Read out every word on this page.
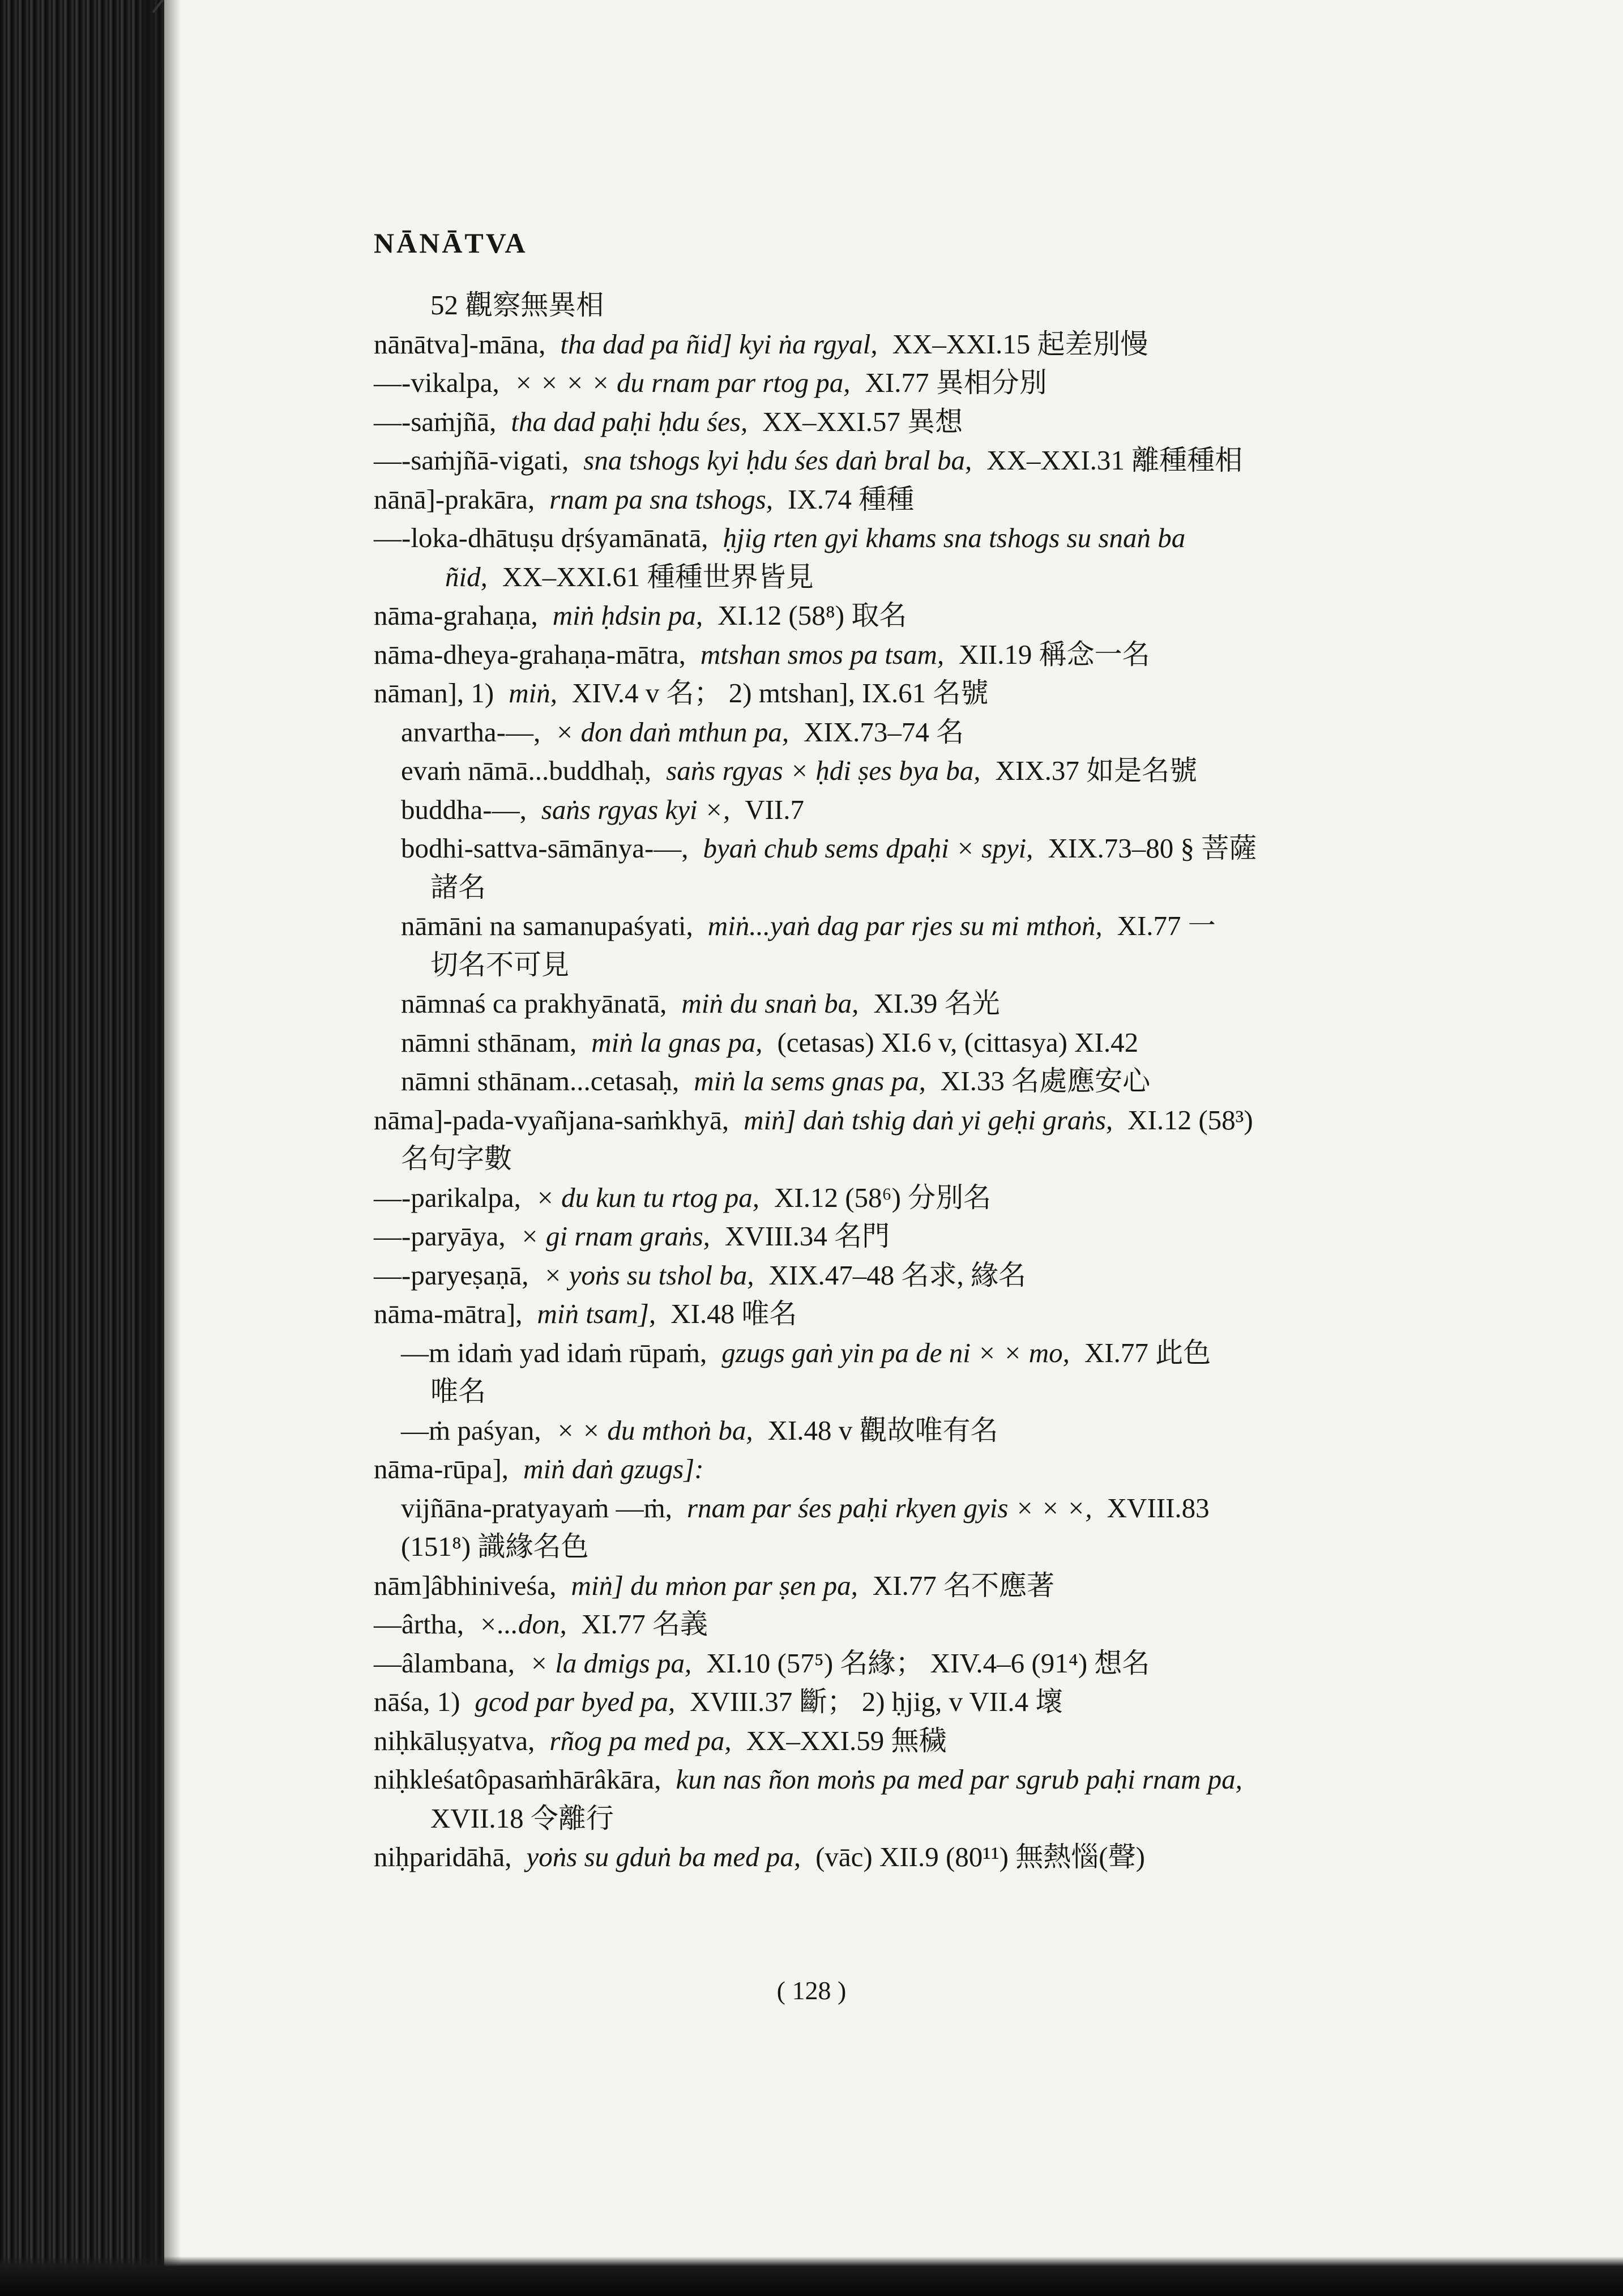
NĀNĀTVA
52 觀察無異相
nānātva]-māna, tha dad pa ñid] kyi ṅa rgyal, XX–XXI.15 起差別慢
—-vikalpa, × × × × du rnam par rtog pa, XI.77 異相分別
—-saṁjñā, tha dad paḥi ḥdu śes, XX–XXI.57 異想
—-saṁjñā-vigati, sna tshogs kyi ḥdu śes daṅ bral ba, XX–XXI.31 離種種相
nānā]-prakāra, rnam pa sna tshogs, IX.74 種種
—-loka-dhātuṣu dṛśyamānatā, ḥjig rten gyi khams sna tshogs su snaṅ ba
ñid, XX–XXI.61 種種世界皆見
nāma-grahaṇa, miṅ ḥdsin pa, XI.12 (58⁸) 取名
nāma-dheya-grahaṇa-mātra, mtshan smos pa tsam, XII.19 稱念一名
nāman], 1) miṅ, XIV.4 v 名； 2) mtshan], IX.61 名號
anvartha-—, × don daṅ mthun pa, XIX.73–74 名
evaṁ nāmā...buddhaḥ, saṅs rgyas × ḥdi ṣes bya ba, XIX.37 如是名號
buddha-—, saṅs rgyas kyi ×, VII.7
bodhi-sattva-sāmānya-—, byaṅ chub sems dpaḥi × spyi, XIX.73–80 § 菩薩
諸名
nāmāni na samanupaśyati, miṅ...yaṅ dag par rjes su mi mthoṅ, XI.77 一
切名不可見
nāmnaś ca prakhyānatā, miṅ du snaṅ ba, XI.39 名光
nāmni sthānam, miṅ la gnas pa, (cetasas) XI.6 v, (cittasya) XI.42
nāmni sthānam...cetasaḥ, miṅ la sems gnas pa, XI.33 名處應安心
nāma]-pada-vyañjana-saṁkhyā, miṅ] daṅ tshig daṅ yi geḥi graṅs, XI.12 (58³)
名句字數
—-parikalpa, × du kun tu rtog pa, XI.12 (58⁶) 分別名
—-paryāya, × gi rnam graṅs, XVIII.34 名門
—-paryeṣaṇā, × yoṅs su tshol ba, XIX.47–48 名求, 緣名
nāma-mātra], miṅ tsam], XI.48 唯名
—m idaṁ yad idaṁ rūpaṁ, gzugs gaṅ yin pa de ni × × mo, XI.77 此色
唯名
—ṁ paśyan, × × du mthoṅ ba, XI.48 v 觀故唯有名
nāma-rūpa], miṅ daṅ gzugs]:
vijñāna-pratyayaṁ —ṁ, rnam par śes paḥi rkyen gyis × × ×, XVIII.83
(151⁸) 識緣名色
nām]âbhiniveśa, miṅ] du mṅon par ṣen pa, XI.77 名不應著
—ârtha, ×...don, XI.77 名義
—âlambana, × la dmigs pa, XI.10 (57⁵) 名緣； XIV.4–6 (91⁴) 想名
nāśa, 1) gcod par byed pa, XVIII.37 斷； 2) ḥjig, v VII.4 壞
niḥkāluṣyatva, rñog pa med pa, XX–XXI.59 無穢
niḥkleśatôpasaṁhārâkāra, kun nas ñon moṅs pa med par sgrub paḥi rnam pa,
XVII.18 令離行
niḥparidāhā, yoṅs su gduṅ ba med pa, (vāc) XII.9 (80¹¹) 無熱惱(聲)
( 128 )
